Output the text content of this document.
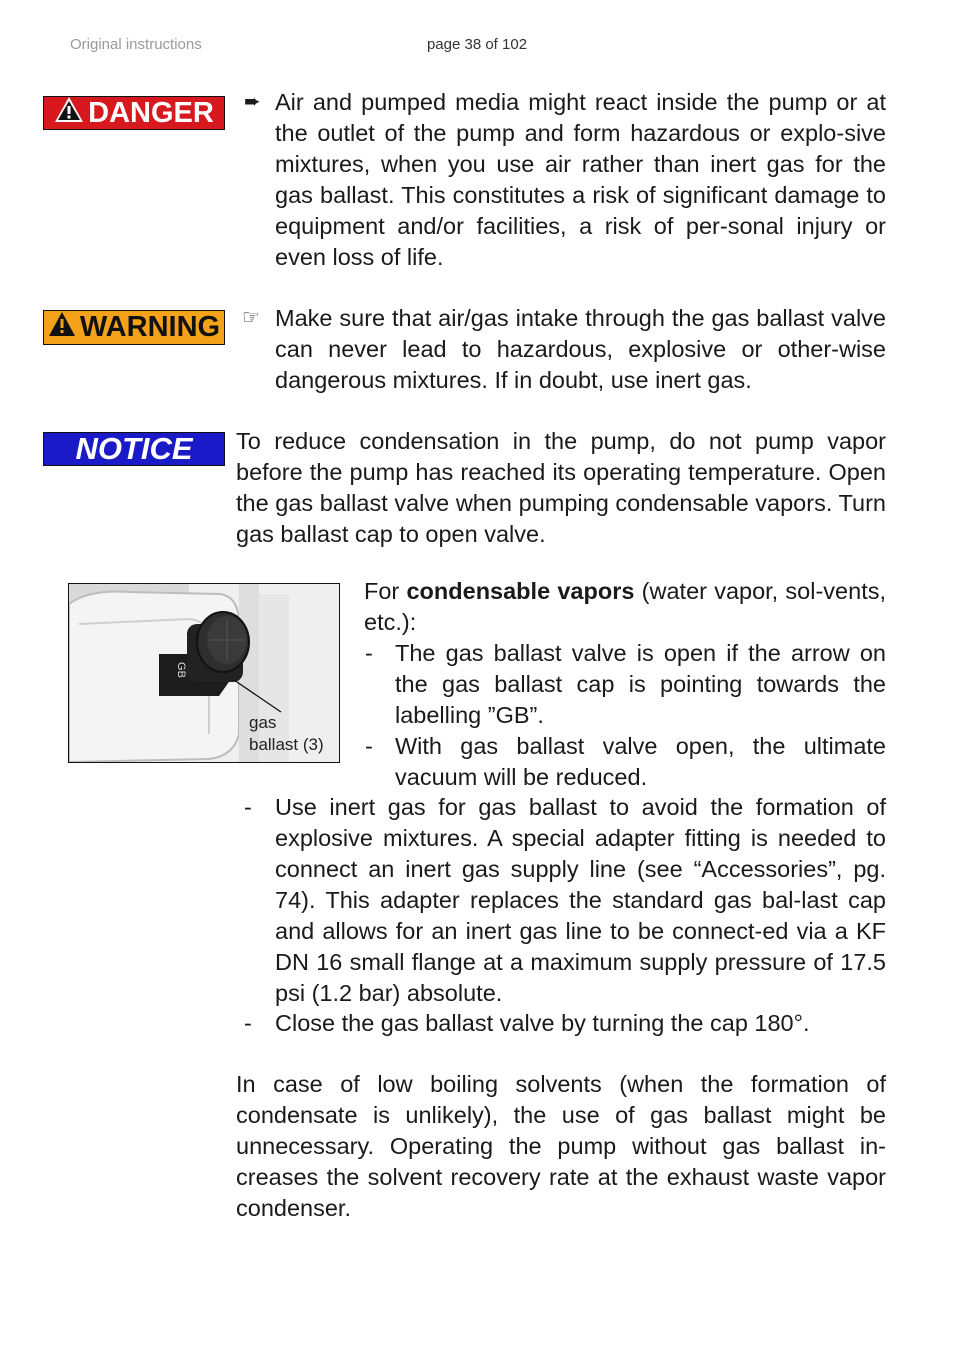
Original instructions	page 38 of 102
DANGER ➨ Air and pumped media might react inside the pump or at the outlet of the pump and form hazardous or explo-sive mixtures, when you use air rather than inert gas for the gas ballast. This constitutes a risk of significant damage to equipment and/or facilities, a risk of per-sonal injury or even loss of life.
WARNING ☞ Make sure that air/gas intake through the gas ballast valve can never lead to hazardous, explosive or other-wise dangerous mixtures. If in doubt, use inert gas.
NOTICE	To reduce condensation in the pump, do not pump vapor before the pump has reached its operating temperature. Open the gas ballast valve when pumping condensable vapors. Turn gas ballast cap to open valve.
GB
gas
ballast (3)
For condensable vapors (water vapor, sol-vents, etc.):
- The gas ballast valve is open if the arrow on the gas ballast cap is pointing towards the labelling ”GB”.
- With gas ballast valve open, the ultimate vacuum will be reduced.
- Use inert gas for gas ballast to avoid the formation of explosive mixtures. A special adapter fitting is needed to connect an inert gas supply line (see “Accessories”, pg. 74). This adapter replaces the standard gas bal-last cap and allows for an inert gas line to be connect-ed via a KF DN 16 small flange at a maximum supply pressure of 17.5 psi (1.2 bar) absolute.
- Close the gas ballast valve by turning the cap 180°.
In case of low boiling solvents (when the formation of condensate is unlikely), the use of gas ballast might be unnecessary. Operating the pump without gas ballast in-creases the solvent recovery rate at the exhaust waste vapor condenser.
